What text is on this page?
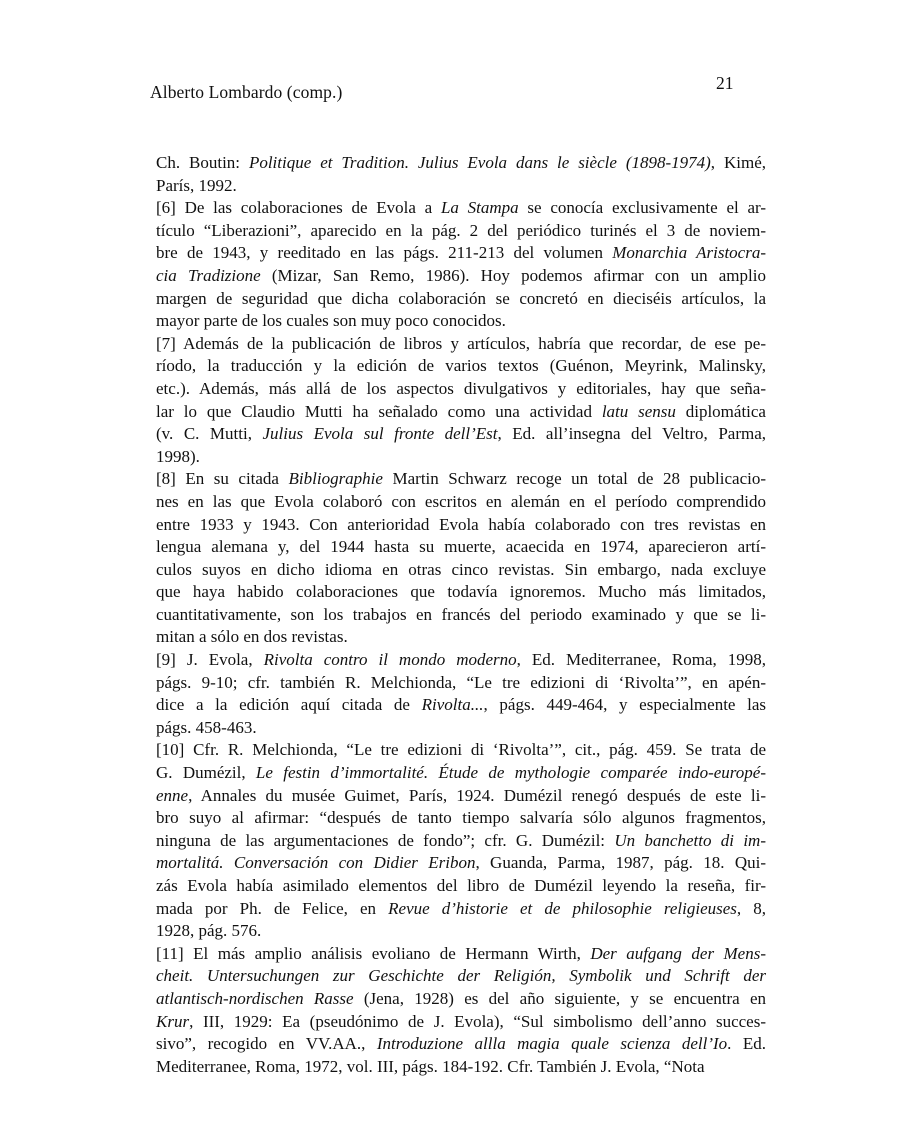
Alberto Lombardo (comp.)	21
Ch. Boutin: Politique et Tradition. Julius Evola dans le siècle (1898-1974), Kimé,
París, 1992.
[6] De las colaboraciones de Evola a La Stampa se conocía exclusivamente el ar-
tículo “Liberazioni”, aparecido en la pág. 2 del periódico turinés el 3 de noviem-
bre de 1943, y reeditado en las págs. 211-213 del volumen Monarchia Aristocra-
cia Tradizione (Mizar, San Remo, 1986). Hoy podemos afirmar con un amplio
margen de seguridad que dicha colaboración se concretó en dieciséis artículos, la
mayor parte de los cuales son muy poco conocidos.
[7] Además de la publicación de libros y artículos, habría que recordar, de ese pe-
ríodo, la traducción y la edición de varios textos (Guénon, Meyrink, Malinsky,
etc.). Además, más allá de los aspectos divulgativos y editoriales, hay que seña-
lar lo que Claudio Mutti ha señalado como una actividad latu sensu diplomática
(v. C. Mutti, Julius Evola sul fronte dell’Est, Ed. all’insegna del Veltro, Parma,
1998).
[8] En su citada Bibliographie Martin Schwarz recoge un total de 28 publicacio-
nes en las que Evola colaboró con escritos en alemán en el período comprendido
entre 1933 y 1943. Con anterioridad Evola había colaborado con tres revistas en
lengua alemana y, del 1944 hasta su muerte, acaecida en 1974, aparecieron artí-
culos suyos en dicho idioma en otras cinco revistas. Sin embargo, nada excluye
que haya habido colaboraciones que todavía ignoremos. Mucho más limitados,
cuantitativamente, son los trabajos en francés del periodo examinado y que se li-
mitan a sólo en dos revistas.
[9] J. Evola, Rivolta contro il mondo moderno, Ed. Mediterranee, Roma, 1998,
págs. 9-10; cfr. también R. Melchionda, “Le tre edizioni di ‘Rivolta’”, en apén-
dice a la edición aquí citada de Rivolta..., págs. 449-464, y especialmente las
págs. 458-463.
[10] Cfr. R. Melchionda, “Le tre edizioni di ‘Rivolta’”, cit., pág. 459. Se trata de
G. Dumézil, Le festin d’immortalité. Étude de mythologie comparée indo-europé-
enne, Annales du musée Guimet, París, 1924. Dumézil renegó después de este li-
bro suyo al afirmar: “después de tanto tiempo salvaría sólo algunos fragmentos,
ninguna de las argumentaciones de fondo”; cfr. G. Dumézil: Un banchetto di im-
mortalitá. Conversación con Didier Eribon, Guanda, Parma, 1987, pág. 18. Qui-
zás Evola había asimilado elementos del libro de Dumézil leyendo la reseña, fir-
mada por Ph. de Felice, en Revue d’historie et de philosophie religieuses, 8,
1928, pág. 576.
[11] El más amplio análisis evoliano de Hermann Wirth, Der aufgang der Mens-
cheit. Untersuchungen zur Geschichte der Religión, Symbolik und Schrift der
atlantisch-nordischen Rasse (Jena, 1928) es del año siguiente, y se encuentra en
Krur, III, 1929: Ea (pseudónimo de J. Evola), “Sul simbolismo dell’anno succes-
sivo”, recogido en VV.AA., Introduzione allla magia quale scienza dell’Io. Ed.
Mediterranee, Roma, 1972, vol. III, págs. 184-192. Cfr. También J. Evola, “Nota
